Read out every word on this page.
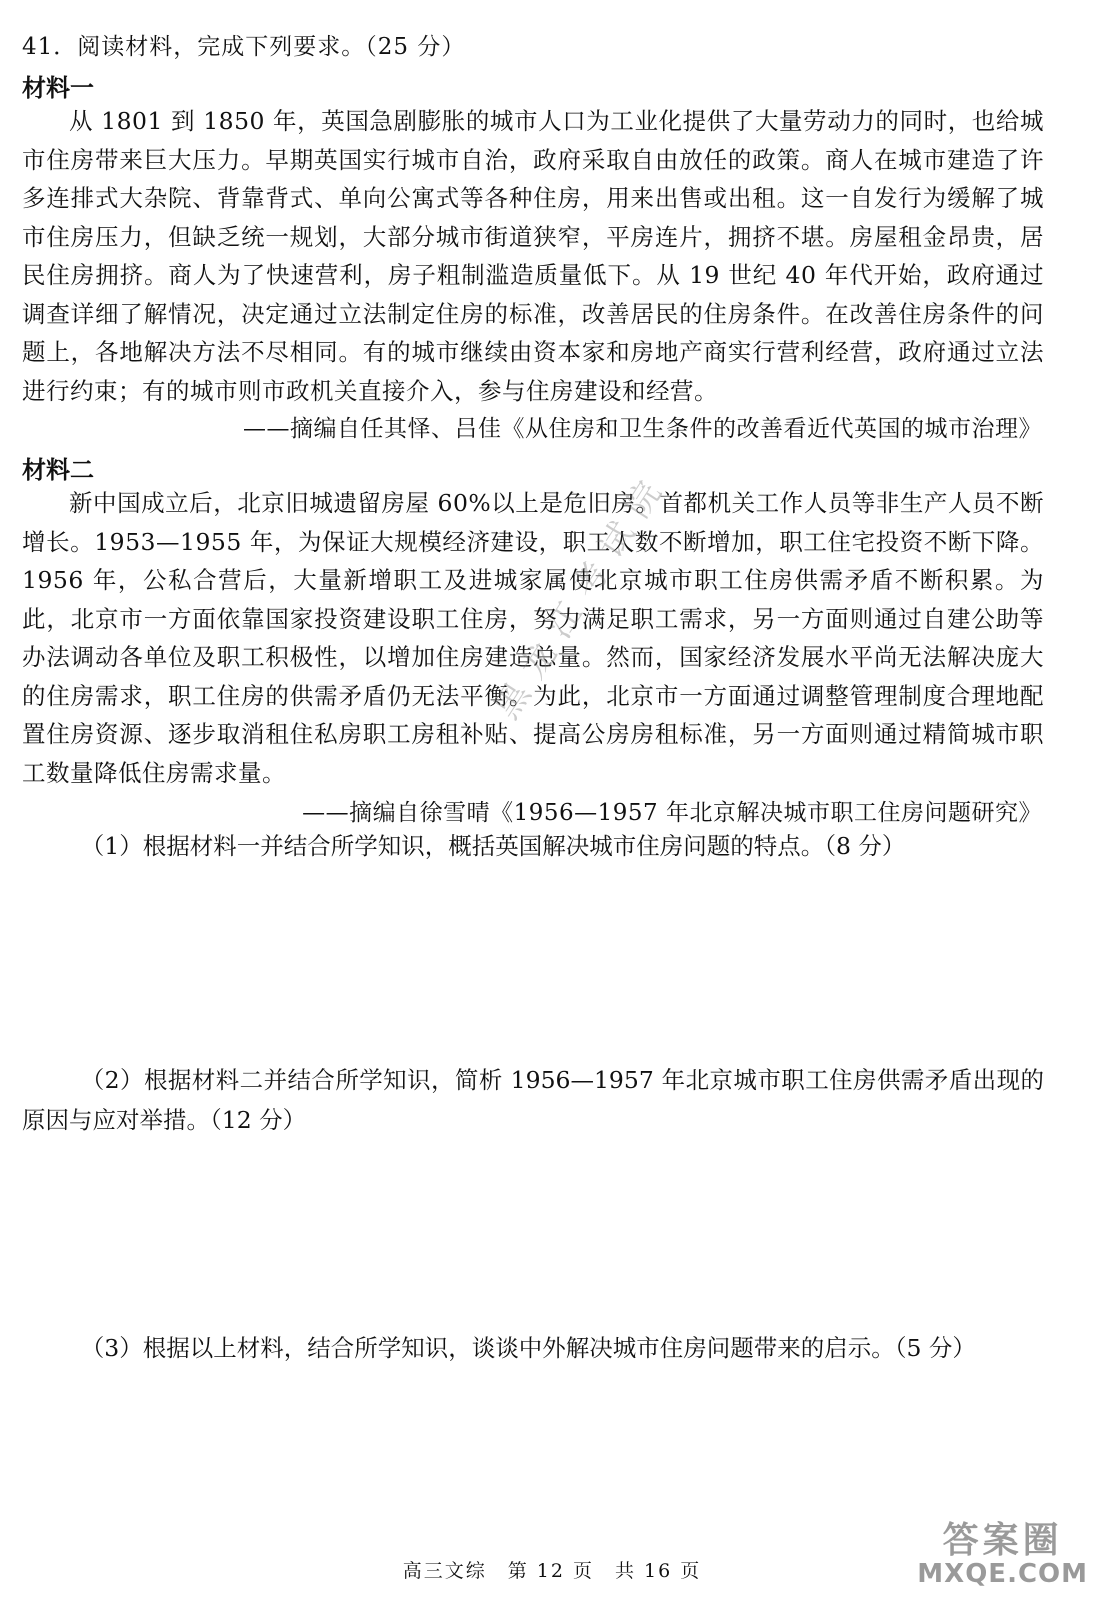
41．阅读材料，完成下列要求。（25 分）
材料一
从 1801 到 1850 年，英国急剧膨胀的城市人口为工业化提供了大量劳动力的同时，也给城市住房带来巨大压力。早期英国实行城市自治，政府采取自由放任的政策。商人在城市建造了许多连排式大杂院、背靠背式、单向公寓式等各种住房，用来出售或出租。这一自发行为缓解了城市住房压力，但缺乏统一规划，大部分城市街道狭窄，平房连片，拥挤不堪。房屋租金昂贵，居民住房拥挤。商人为了快速营利，房子粗制滥造质量低下。从 19 世纪 40 年代开始，政府通过调查详细了解情况，决定通过立法制定住房的标准，改善居民的住房条件。在改善住房条件的问题上，各地解决方法不尽相同。有的城市继续由资本家和房地产商实行营利经营，政府通过立法进行约束；有的城市则市政机关直接介入，参与住房建设和经营。
——摘编自任其怿、吕佳《从住房和卫生条件的改善看近代英国的城市治理》
材料二
新中国成立后，北京旧城遗留房屋 60%以上是危旧房。首都机关工作人员等非生产人员不断增长。1953—1955 年，为保证大规模经济建设，职工人数不断增加，职工住宅投资不断下降。1956 年，公私合营后，大量新增职工及进城家属使北京城市职工住房供需矛盾不断积累。为此，北京市一方面依靠国家投资建设职工住房，努力满足职工需求，另一方面则通过自建公助等办法调动各单位及职工积极性，以增加住房建造总量。然而，国家经济发展水平尚无法解决庞大的住房需求，职工住房的供需矛盾仍无法平衡。为此，北京市一方面通过调整管理制度合理地配置住房资源、逐步取消租住私房职工房租补贴、提高公房房租标准，另一方面则通过精简城市职工数量降低住房需求量。
——摘编自徐雪晴《1956—1957 年北京解决城市职工住房问题研究》
（1）根据材料一并结合所学知识，概括英国解决城市住房问题的特点。（8 分）
（2）根据材料二并结合所学知识，简析 1956—1957 年北京城市职工住房供需矛盾出现的原因与应对举措。（12 分）
（3）根据以上材料，结合所学知识，谈谈中外解决城市住房问题带来的启示。（5 分）
黑龙江考试院
高三文综　第 12 页　共 16 页
答案圈
MXQE.COM
